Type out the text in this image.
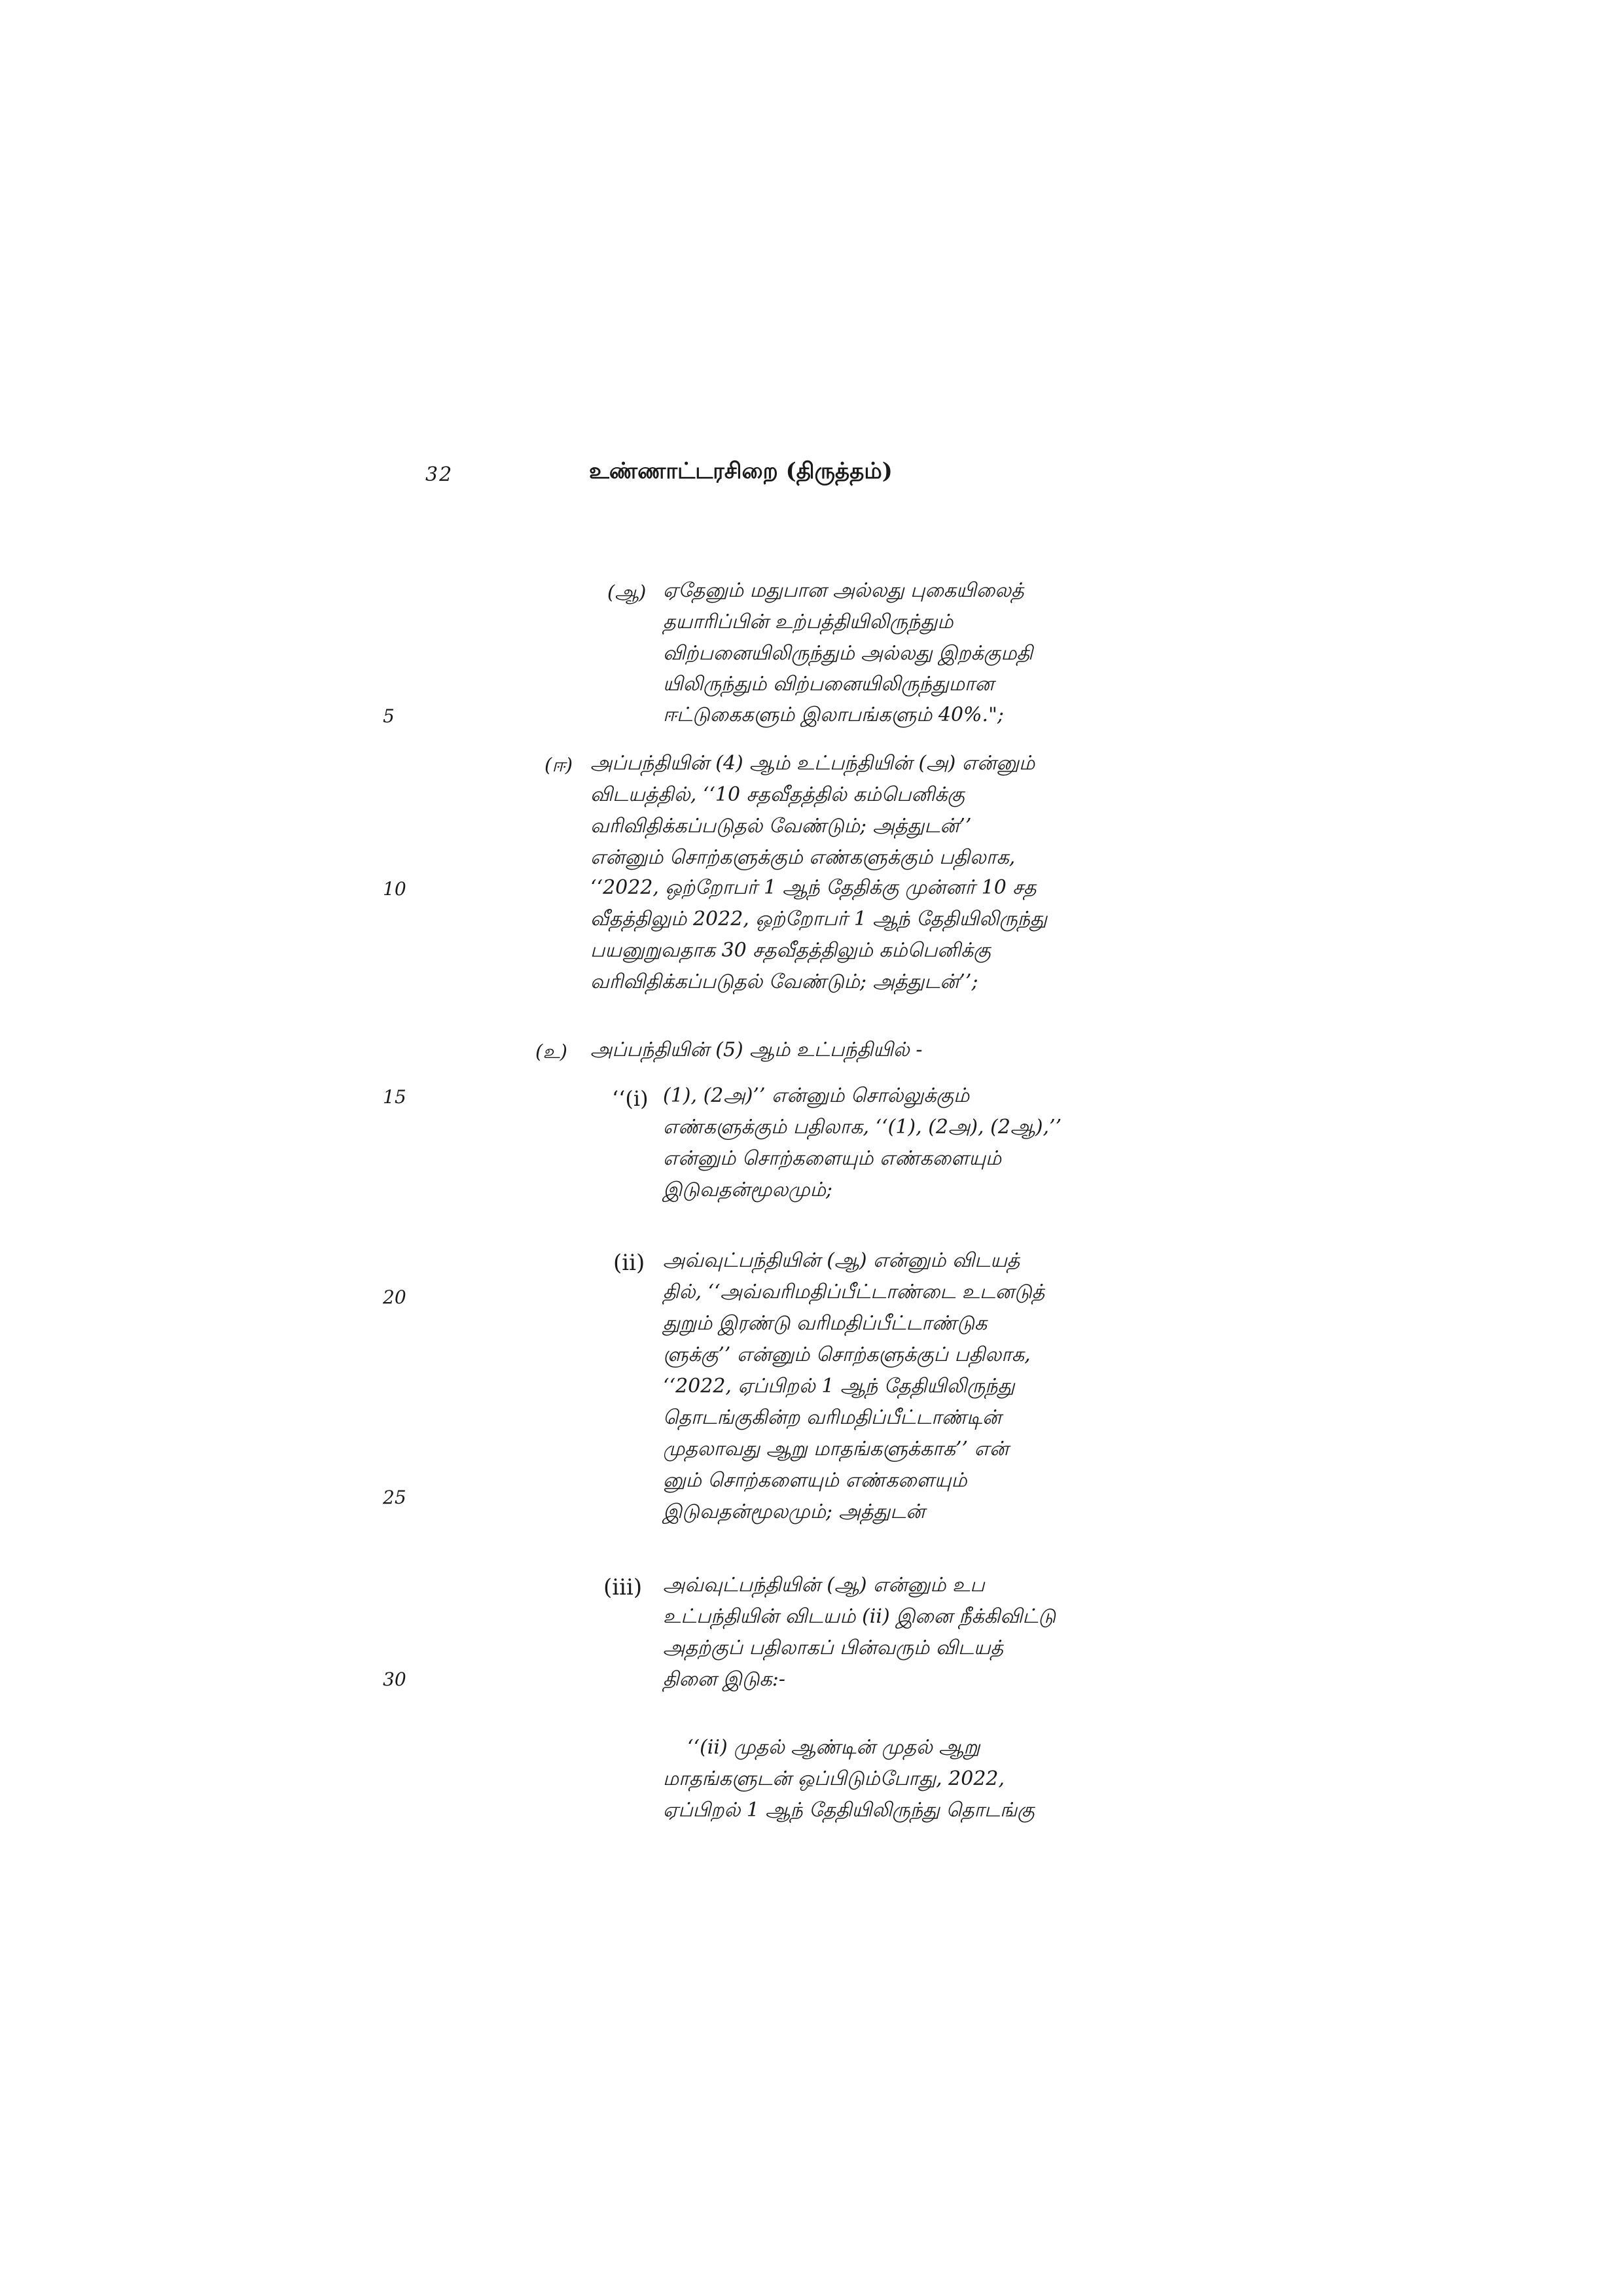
32	உண்ணாட்டரசிறை (திருத்தம்)
5
10
15
20
25
30
(ஆ) ஏதேனும் மதுபான அல்லது புகையிலைத்
தயாரிப்பின் உற்பத்தியிலிருந்தும்
விற்பனையிலிருந்தும் அல்லது இறக்குமதி
யிலிருந்தும் விற்பனையிலிருந்துமான
ஈட்டுகைகளும் இலாபங்களும் 40%.";
(ஈ) அப்பந்தியின் (4) ஆம் உட்பந்தியின் (அ) என்னும்
விடயத்தில், ‘‘10 சதவீதத்தில் கம்பெனிக்கு
வரிவிதிக்கப்படுதல் வேண்டும்; அத்துடன்’’
என்னும் சொற்களுக்கும் எண்களுக்கும் பதிலாக,
‘‘2022, ஒற்றோபர் 1 ஆந் தேதிக்கு முன்னர் 10 சத
வீதத்திலும் 2022, ஒற்றோபர் 1 ஆந் தேதியிலிருந்து
பயனுறுவதாக 30 சதவீதத்திலும் கம்பெனிக்கு
வரிவிதிக்கப்படுதல் வேண்டும்; அத்துடன்’’;
(உ) அப்பந்தியின் (5) ஆம் உட்பந்தியில் -
‘‘(i) (1), (2அ)’’ என்னும் சொல்லுக்கும்
எண்களுக்கும் பதிலாக, ‘‘(1), (2அ), (2ஆ),’’
என்னும் சொற்களையும் எண்களையும்
இடுவதன்மூலமும்;
(ii) அவ்வுட்பந்தியின் (ஆ) என்னும் விடயத்
தில், ‘‘அவ்வரிமதிப்பீட்டாண்டை உடனடுத்
துறும் இரண்டு வரிமதிப்பீட்டாண்டுக
ளுக்கு’’ என்னும் சொற்களுக்குப் பதிலாக,
‘‘2022, ஏப்பிறல் 1 ஆந் தேதியிலிருந்து
தொடங்குகின்ற வரிமதிப்பீட்டாண்டின்
முதலாவது ஆறு மாதங்களுக்காக’’ என்
னும் சொற்களையும் எண்களையும்
இடுவதன்மூலமும்; அத்துடன்
(iii) அவ்வுட்பந்தியின் (ஆ) என்னும் உப
உட்பந்தியின் விடயம் (ii) இனை நீக்கிவிட்டு
அதற்குப் பதிலாகப் பின்வரும் விடயத்
தினை இடுக:-
‘‘(ii) முதல் ஆண்டின் முதல் ஆறு
மாதங்களுடன் ஒப்பிடும்போது, 2022,
ஏப்பிறல் 1 ஆந் தேதியிலிருந்து தொடங்கு
